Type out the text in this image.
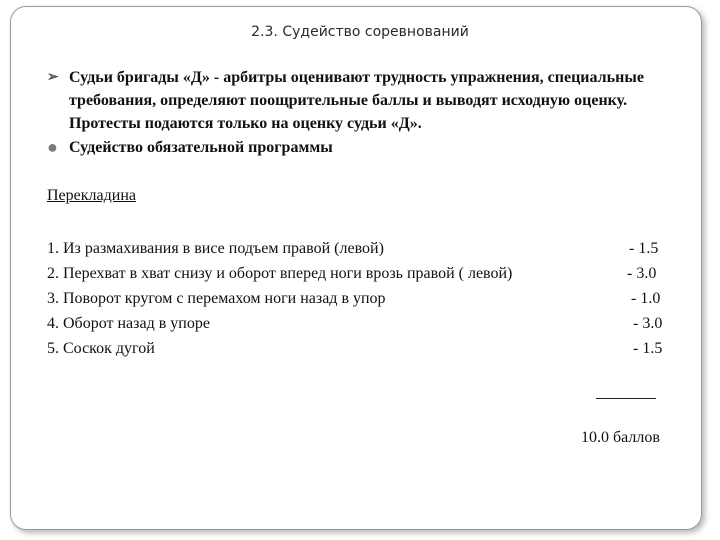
2.3. Судейство соревнований
➢ Судьи бригады «Д» - арбитры оценивают трудность упражнения, специальные требования, определяют поощрительные баллы и выводят исходную оценку. Протесты подаются только на оценку судьи «Д».
● Судейство обязательной программы
Перекладина
1. Из размахивания в висе подъем правой (левой)	- 1.5
2. Перехват в хват снизу и оборот вперед ноги врозь правой ( левой)	- 3.0
3. Поворот кругом с перемахом ноги назад в упор	- 1.0
4. Оборот назад в упоре	- 3.0
5. Соскок дугой	- 1.5
10.0 баллов
